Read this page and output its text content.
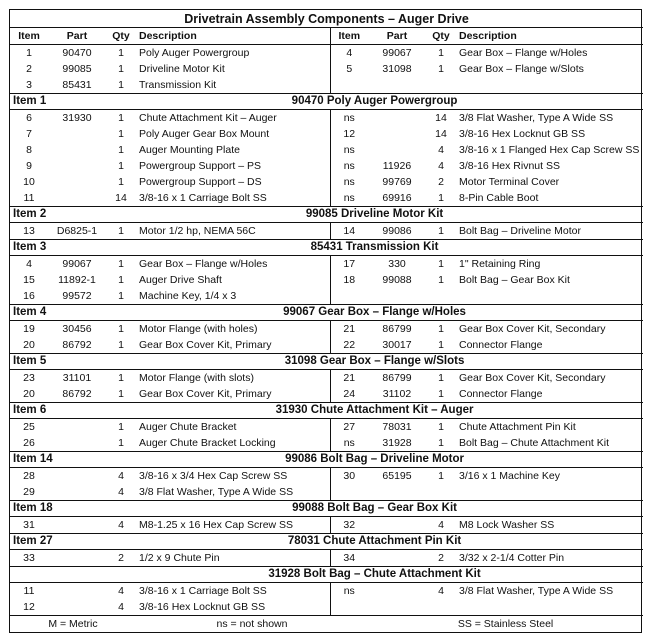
Drivetrain Assembly Components – Auger Drive							
Item	Part	Qty	Description	Item	Part	Qty	Description
1	90470	1	Poly Auger Powergroup	4	99067	1	Gear Box – Flange w/Holes
2	99085	1	Driveline Motor Kit	5	31098	1	Gear Box – Flange w/Slots
3	85431	1	Transmission Kit				
Item 1		90470 Poly Auger Powergroup					
6	31930	1	Chute Attachment Kit – Auger	ns		14	3/8 Flat Washer, Type A Wide SS
7		1	Poly Auger Gear Box Mount	12		14	3/8-16 Hex Locknut GB SS
8		1	Auger Mounting Plate	ns		4	3/8-16 x 1 Flanged Hex Cap Screw SS
9		1	Powergroup Support – PS	ns	11926	4	3/8-16 Hex Rivnut SS
10		1	Powergroup Support – DS	ns	99769	2	Motor Terminal Cover
11		14	3/8-16 x 1 Carriage Bolt SS	ns	69916	1	8-Pin Cable Boot
Item 2		99085 Driveline Motor Kit					
13	D6825-1	1	Motor 1/2 hp, NEMA 56C	14	99086	1	Bolt Bag – Driveline Motor
Item 3		85431 Transmission Kit					
4	99067	1	Gear Box – Flange w/Holes	17	330	1	1" Retaining Ring
15	11892-1	1	Auger Drive Shaft	18	99088	1	Bolt Bag – Gear Box Kit
16	99572	1	Machine Key, 1/4 x 3				
Item 4		99067 Gear Box – Flange w/Holes					
19	30456	1	Motor Flange (with holes)	21	86799	1	Gear Box Cover Kit, Secondary
20	86792	1	Gear Box Cover Kit, Primary	22	30017	1	Connector Flange
Item 5		31098 Gear Box – Flange w/Slots					
23	31101	1	Motor Flange (with slots)	21	86799	1	Gear Box Cover Kit, Secondary
20	86792	1	Gear Box Cover Kit, Primary	24	31102	1	Connector Flange
Item 6		31930 Chute Attachment Kit – Auger					
25		1	Auger Chute Bracket	27	78031	1	Chute Attachment Pin Kit
26		1	Auger Chute Bracket Locking	ns	31928	1	Bolt Bag – Chute Attachment Kit
Item 14		99086 Bolt Bag – Driveline Motor					
28		4	3/8-16 x 3/4 Hex Cap Screw SS	30	65195	1	3/16 x 1 Machine Key
29		4	3/8 Flat Washer, Type A Wide SS				
Item 18		99088 Bolt Bag – Gear Box Kit					
31		4	M8-1.25 x 16 Hex Cap Screw SS	32		4	M8 Lock Washer SS
Item 27		78031 Chute Attachment Pin Kit					
33		2	1/2 x 9 Chute Pin	34		2	3/32 x 2-1/4 Cotter Pin
		31928 Bolt Bag – Chute Attachment Kit					
11		4	3/8-16 x 1 Carriage Bolt SS	ns		4	3/8 Flat Washer, Type A Wide SS
12		4	3/8-16 Hex Locknut GB SS				
M = Metric			ns = not shown		SS = Stainless Steel		
